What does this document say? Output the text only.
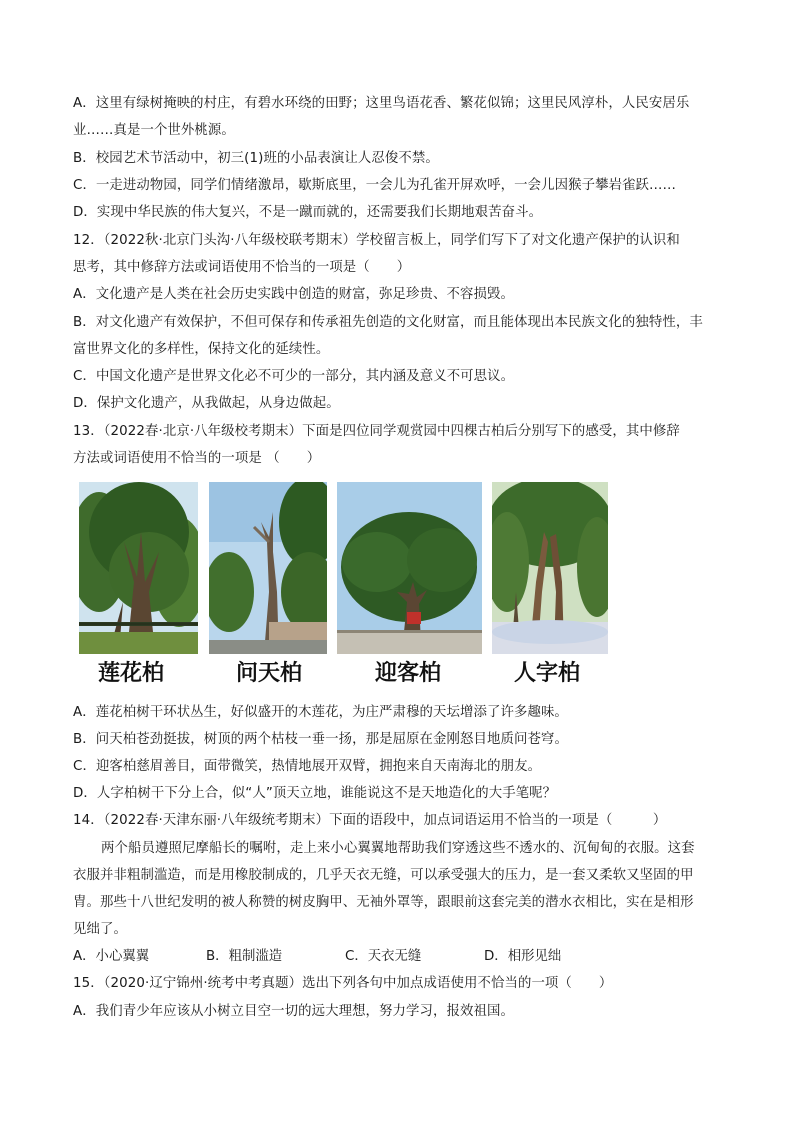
A．这里有绿树掩映的村庄，有碧水环绕的田野；这里鸟语花香、繁花似锦；这里民风淳朴，人民安居乐
业……真是一个世外桃源。
B．校园艺术节活动中，初三(1)班的小品表演让人忍俊不禁。
C．一走进动物园，同学们情绪激昂，歇斯底里，一会儿为孔雀开屏欢呼，一会儿因猴子攀岩雀跃……
D．实现中华民族的伟大复兴，不是一蹴而就的，还需要我们长期地艰苦奋斗。
12．（2022秋·北京门头沟·八年级校联考期末）学校留言板上，同学们写下了对文化遗产保护的认识和
思考，其中修辞方法或词语使用不恰当的一项是（　　）
A．文化遗产是人类在社会历史实践中创造的财富，弥足珍贵、不容损毁。
B．对文化遗产有效保护，不但可保存和传承祖先创造的文化财富，而且能体现出本民族文化的独特性，丰
富世界文化的多样性，保持文化的延续性。
C．中国文化遗产是世界文化必不可少的一部分，其内涵及意义不可思议。
D．保护文化遗产，从我做起，从身边做起。
13．（2022春·北京·八年级校考期末）下面是四位同学观赏园中四棵古柏后分别写下的感受，其中修辞
方法或词语使用不恰当的一项是 （　　）
莲花柏	问天柏	迎客柏	人字柏
A．莲花柏树干环状丛生，好似盛开的木莲花，为庄严肃穆的天坛增添了许多趣味。
B．问天柏苍劲挺拔，树顶的两个枯枝一垂一扬，那是屈原在金刚怒目地质问苍穹。
C．迎客柏慈眉善目，面带微笑，热情地展开双臂，拥抱来自天南海北的朋友。
D．人字柏树干下分上合，似“人”顶天立地，谁能说这不是天地造化的大手笔呢？
14．（2022春·天津东丽·八年级统考期末）下面的语段中，加点词语运用不恰当的一项是（　　　）
两个船员遵照尼摩船长的嘱咐，走上来小心翼翼地帮助我们穿透这些不透水的、沉甸甸的衣服。这套
衣服并非粗制滥造，而是用橡胶制成的，几乎天衣无缝，可以承受强大的压力，是一套又柔软又坚固的甲
胄。那些十八世纪发明的被人称赞的树皮胸甲、无袖外罩等，跟眼前这套完美的潜水衣相比，实在是相形
见绌了。
A．小心翼翼	B．粗制滥造	C．天衣无缝	D．相形见绌
15．（2020·辽宁锦州·统考中考真题）选出下列各句中加点成语使用不恰当的一项（　　）
A．我们青少年应该从小树立目空一切的远大理想，努力学习，报效祖国。
